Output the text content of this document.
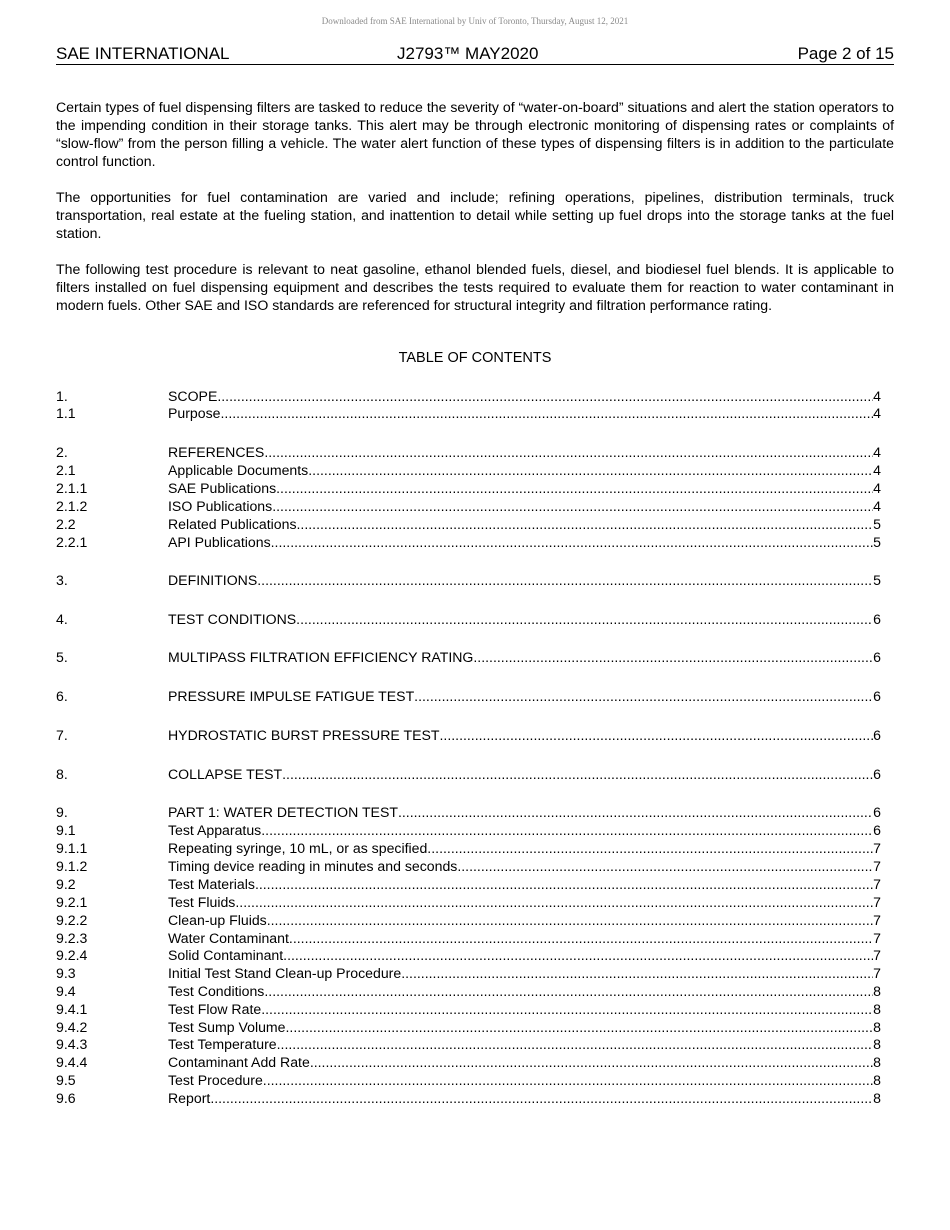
Downloaded from SAE International by Univ of Toronto, Thursday, August 12, 2021
SAE INTERNATIONAL	J2793™ MAY2020	Page 2 of 15

Certain types of fuel dispensing filters are tasked to reduce the severity of “water-on-board” situations and alert the station operators to the impending condition in their storage tanks. This alert may be through electronic monitoring of dispensing rates or complaints of “slow-flow” from the person filling a vehicle. The water alert function of these types of dispensing filters is in addition to the particulate control function.

The opportunities for fuel contamination are varied and include; refining operations, pipelines, distribution terminals, truck transportation, real estate at the fueling station, and inattention to detail while setting up fuel drops into the storage tanks at the fuel station.

The following test procedure is relevant to neat gasoline, ethanol blended fuels, diesel, and biodiesel fuel blends. It is applicable to filters installed on fuel dispensing equipment and describes the tests required to evaluate them for reaction to water contaminant in modern fuels. Other SAE and ISO standards are referenced for structural integrity and filtration performance rating.

TABLE OF CONTENTS
1.	SCOPE .....	4
1.1	Purpose .....	4
2.	REFERENCES .....	4
2.1	Applicable Documents .....	4
2.1.1	SAE Publications .....	4
2.1.2	ISO Publications .....	4
2.2	Related Publications .....	5
2.2.1	API Publications .....	5
3.	DEFINITIONS .....	5
4.	TEST CONDITIONS .....	6
5.	MULTIPASS FILTRATION EFFICIENCY RATING .....	6
6.	PRESSURE IMPULSE FATIGUE TEST .....	6
7.	HYDROSTATIC BURST PRESSURE TEST .....	6
8.	COLLAPSE TEST .....	6
9.	PART 1: WATER DETECTION TEST .....	6
9.1	Test Apparatus .....	6
9.1.1	Repeating syringe, 10 mL, or as specified. .....	7
9.1.2	Timing device reading in minutes and seconds. .....	7
9.2	Test Materials .....	7
9.2.1	Test Fluids .....	7
9.2.2	Clean-up Fluids .....	7
9.2.3	Water Contaminant .....	7
9.2.4	Solid Contaminant .....	7
9.3	Initial Test Stand Clean-up Procedure .....	7
9.4	Test Conditions .....	8
9.4.1	Test Flow Rate .....	8
9.4.2	Test Sump Volume .....	8
9.4.3	Test Temperature .....	8
9.4.4	Contaminant Add Rate .....	8
9.5	Test Procedure .....	8
9.6	Report .....	8
